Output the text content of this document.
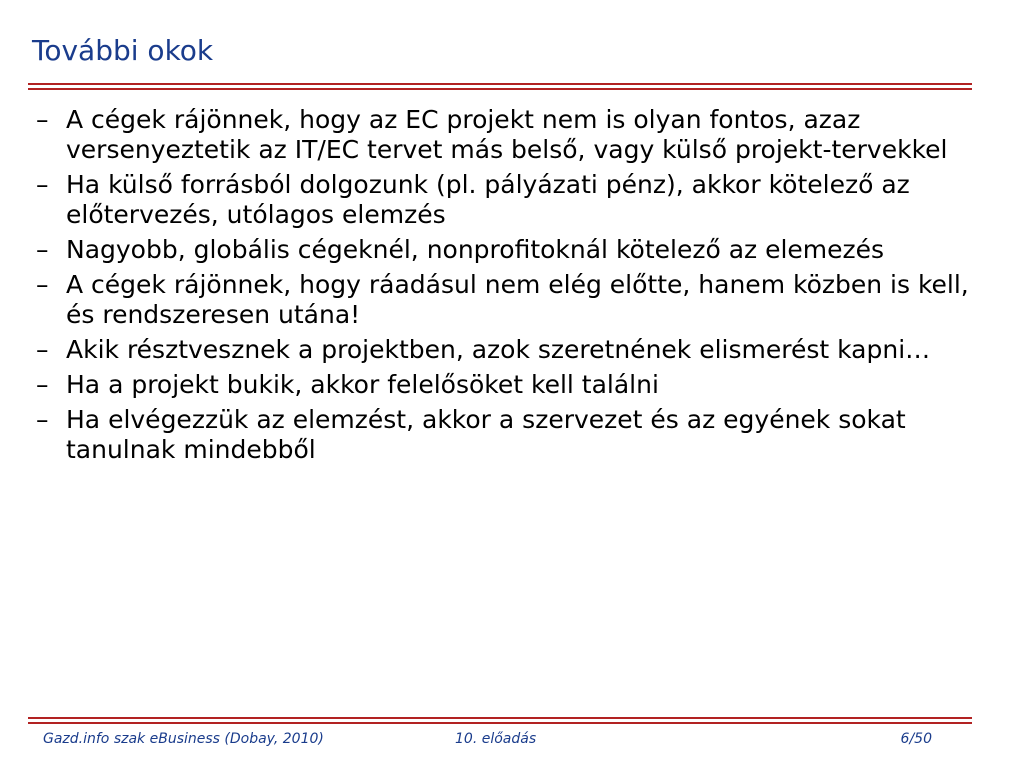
További okok
– A cégek rájönnek, hogy az EC projekt nem is olyan fontos, azaz versenyeztetik az IT/EC tervet más belső, vagy külső projekt-tervekkel
– Ha külső forrásból dolgozunk (pl. pályázati pénz), akkor kötelező az előtervezés, utólagos elemzés
– Nagyobb, globális cégeknél, nonprofitoknál kötelező az elemezés
– A cégek rájönnek, hogy ráadásul nem elég előtte, hanem közben is kell, és rendszeresen utána!
– Akik résztvesznek a projektben, azok szeretnének elismerést kapni…
– Ha a projekt bukik, akkor felelősöket kell találni
– Ha elvégezzük az elemzést, akkor a szervezet és az egyének sokat tanulnak mindebből
Gazd.info szak eBusiness (Dobay, 2010)	10. előadás	6/50
